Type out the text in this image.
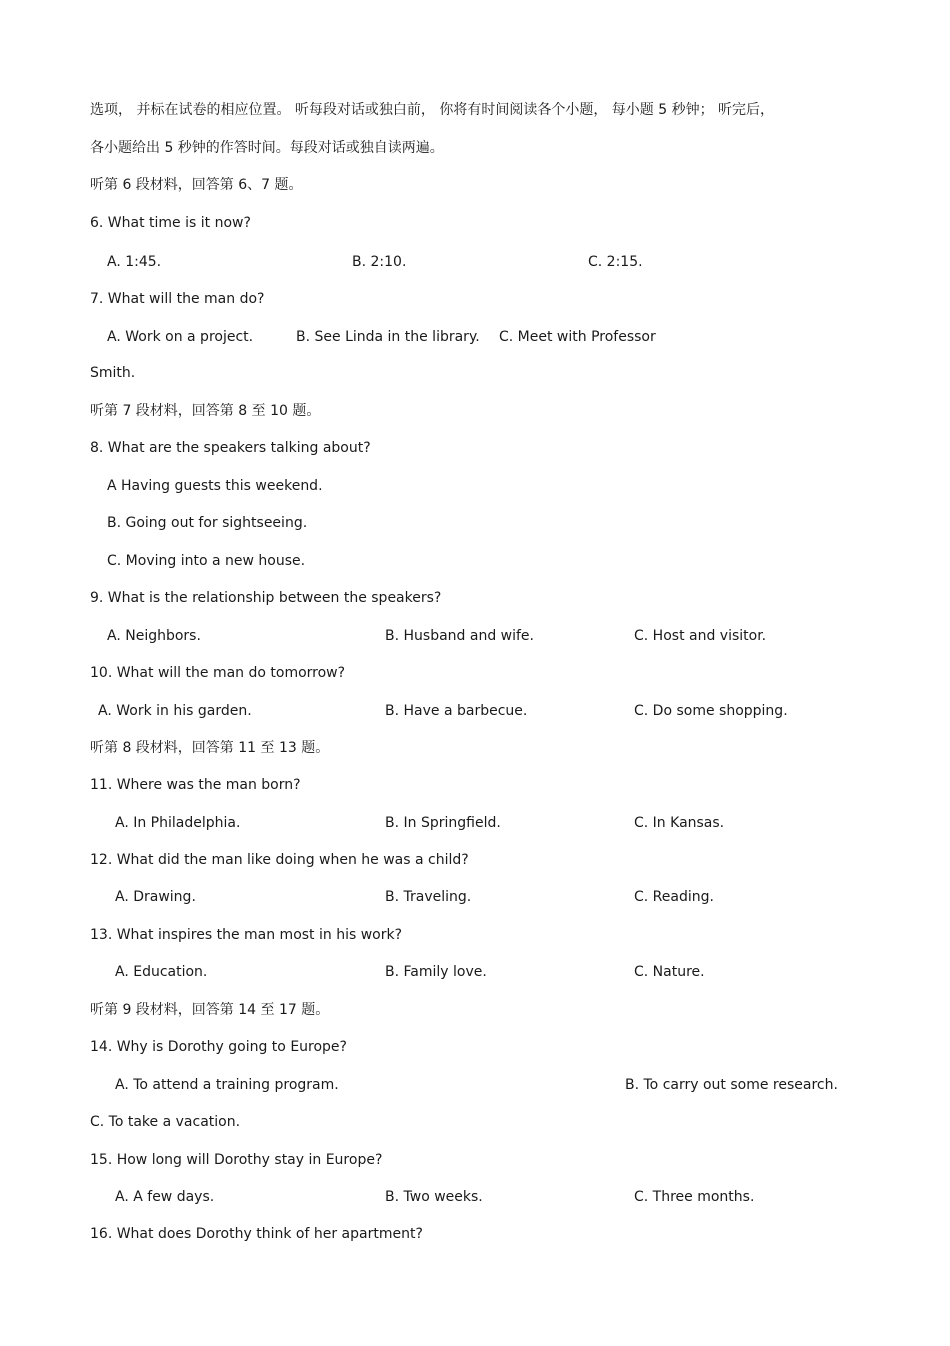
选项， 并标在试卷的相应位置。 听每段对话或独白前， 你将有时间阅读各个小题， 每小题 5 秒钟； 听完后，
各小题给出 5 秒钟的作答时间。每段对话或独自读两遍。
听第 6 段材料，回答第 6、7 题。
6. What time is it now?
A. 1:45.	B. 2:10.	C. 2:15.
7. What will the man do?
A. Work on a project.	B. See Linda in the library. C. Meet with Professor
Smith.
听第 7 段材料，回答第 8 至 10 题。
8. What are the speakers talking about?
A Having guests this weekend.
B. Going out for sightseeing.
C. Moving into a new house.
9. What is the relationship between the speakers?
A. Neighbors.	B. Husband and wife.	C. Host and visitor.
10. What will the man do tomorrow?
A. Work in his garden.	B. Have a barbecue.	C. Do some shopping.
听第 8 段材料，回答第 11 至 13 题。
11. Where was the man born?
A. In Philadelphia.	B. In Springfield.	C. In Kansas.
12. What did the man like doing when he was a child?
A. Drawing.	B. Traveling.	C. Reading.
13. What inspires the man most in his work?
A. Education.	B. Family love.	C. Nature.
听第 9 段材料，回答第 14 至 17 题。
14. Why is Dorothy going to Europe?
A. To attend a training program.	B. To carry out some research.
C. To take a vacation.
15. How long will Dorothy stay in Europe?
A. A few days.	B. Two weeks.	C. Three months.
16. What does Dorothy think of her apartment?
